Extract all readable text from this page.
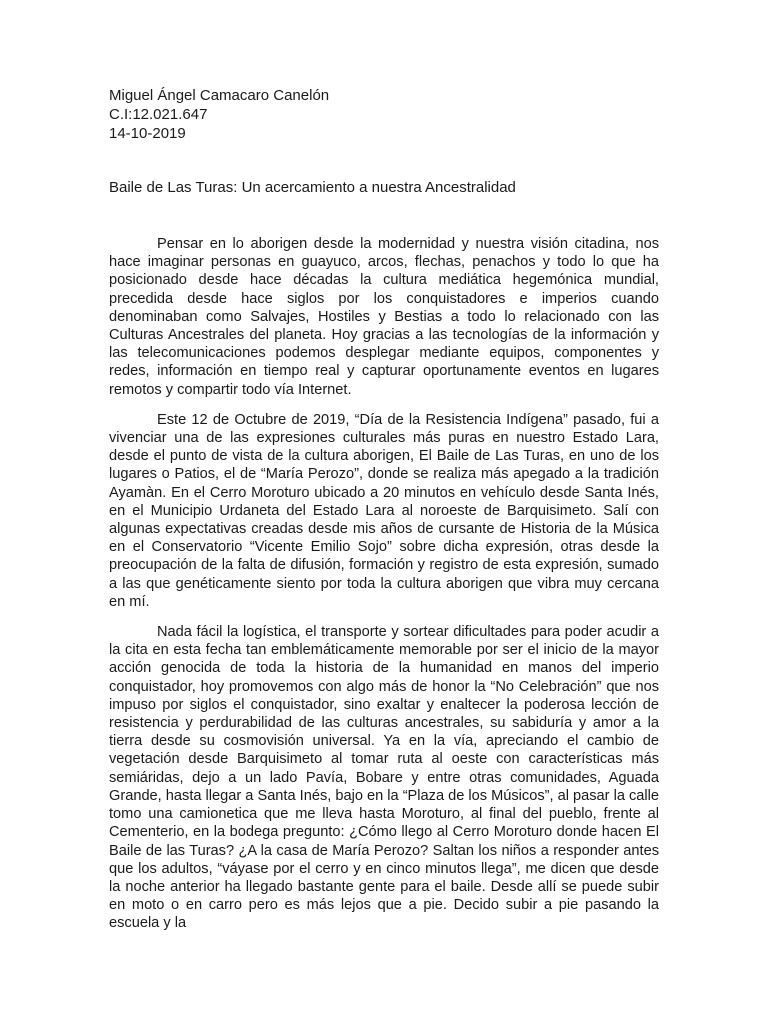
Miguel Ángel Camacaro Canelón
C.I:12.021.647
14-10-2019
Baile de Las Turas: Un acercamiento a nuestra Ancestralidad

Pensar en lo aborigen desde la modernidad y nuestra visión citadina, nos hace imaginar personas en guayuco, arcos, flechas, penachos y todo lo que ha posicionado desde hace décadas la cultura mediática hegemónica mundial, precedida desde hace siglos por los conquistadores e imperios cuando denominaban como Salvajes, Hostiles y Bestias a todo lo relacionado con las Culturas Ancestrales del planeta. Hoy gracias a las tecnologías de la información y las telecomunicaciones podemos desplegar mediante equipos, componentes y redes, información en tiempo real y capturar oportunamente eventos en lugares remotos y compartir todo vía Internet.

Este 12 de Octubre de 2019, “Día de la Resistencia Indígena” pasado, fui a vivenciar una de las expresiones culturales más puras en nuestro Estado Lara, desde el punto de vista de la cultura aborigen, El Baile de Las Turas, en uno de los lugares o Patios, el de “María Perozo”, donde se realiza más apegado a la tradición Ayamàn. En el Cerro Moroturo ubicado a 20 minutos en vehículo desde Santa Inés, en el Municipio Urdaneta del Estado Lara al noroeste de Barquisimeto. Salí con algunas expectativas creadas desde mis años de cursante de Historia de la Música en el Conservatorio “Vicente Emilio Sojo” sobre dicha expresión, otras desde la preocupación de la falta de difusión, formación y registro de esta expresión, sumado a las que genéticamente siento por toda la cultura aborigen que vibra muy cercana en mí.

Nada fácil la logística, el transporte y sortear dificultades para poder acudir a la cita en esta fecha tan emblemáticamente memorable por ser el inicio de la mayor acción genocida de toda la historia de la humanidad en manos del imperio conquistador, hoy promovemos con algo más de honor la “No Celebración” que nos impuso por siglos el conquistador, sino exaltar y enaltecer la poderosa lección de resistencia y perdurabilidad de las culturas ancestrales, su sabiduría y amor a la tierra desde su cosmovisión universal. Ya en la vía, apreciando el cambio de vegetación desde Barquisimeto al tomar ruta al oeste con características más semiáridas, dejo a un lado Pavía, Bobare y entre otras comunidades, Aguada Grande, hasta llegar a Santa Inés, bajo en la “Plaza de los Músicos”, al pasar la calle tomo una camionetica que me lleva hasta Moroturo, al final del pueblo, frente al Cementerio, en la bodega pregunto: ¿Cómo llego al Cerro Moroturo donde hacen El Baile de las Turas? ¿A la casa de María Perozo? Saltan los niños a responder antes que los adultos, “váyase por el cerro y en cinco minutos llega”, me dicen que desde la noche anterior ha llegado bastante gente para el baile. Desde allí se puede subir en moto o en carro pero es más lejos que a pie. Decido subir a pie pasando la escuela y la
